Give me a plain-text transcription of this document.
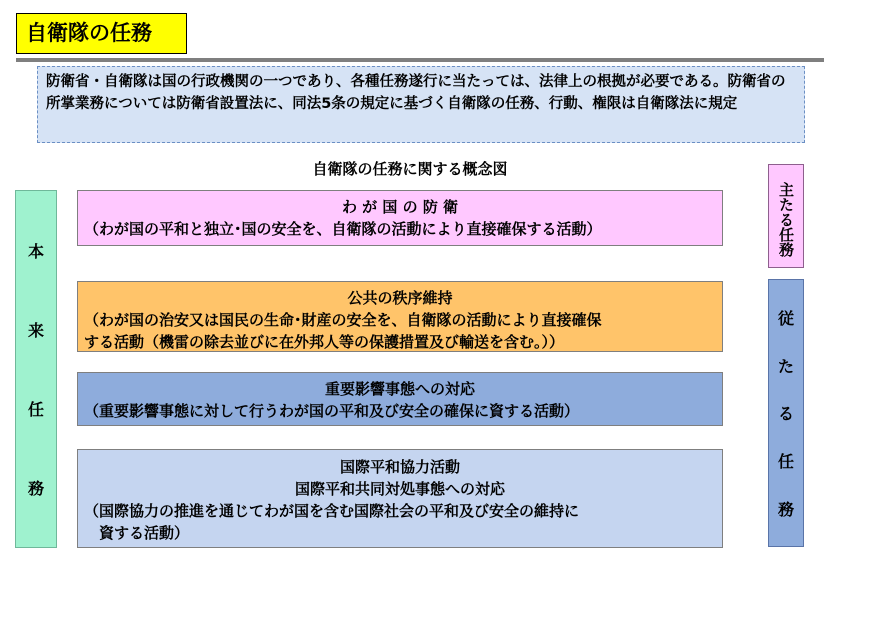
自衛隊の任務
防衛省・自衛隊は国の行政機関の一つであり、各種任務遂行に当たっては、法律上の根拠が必要である。防衛省の所掌業務については防衛省設置法に、同法5条の規定に基づく自衛隊の任務、行動、権限は自衛隊法に規定
自衛隊の任務に関する概念図
本
来
任
務
わ が 国 の 防 衛
（わが国の平和と独立･国の安全を、自衛隊の活動により直接確保する活動）
公共の秩序維持
（わが国の治安又は国民の生命･財産の安全を、自衛隊の活動により直接確保
する活動（機雷の除去並びに在外邦人等の保護措置及び輸送を含む。））
重要影響事態への対応
（重要影響事態に対して行うわが国の平和及び安全の確保に資する活動）
国際平和協力活動
国際平和共同対処事態への対応
（国際協力の推進を通じてわが国を含む国際社会の平和及び安全の維持に
　資する活動）
主たる任務
従
た
る
任
務
